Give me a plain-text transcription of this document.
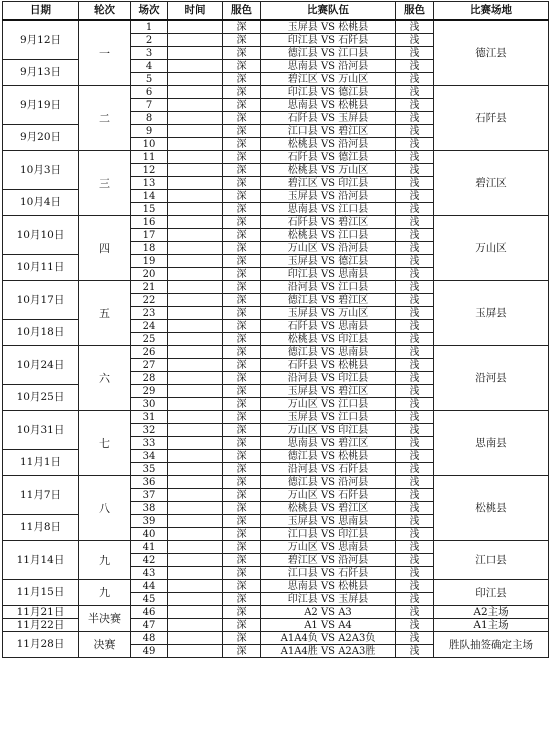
日期	轮次	场次	时间	服色	比赛队伍	服色	比赛场地
9月12日	一	1		深	玉屏县 VS 松桃县	浅	德江县
		2		深	印江县 VS 石阡县	浅	
		3		深	德江县 VS 江口县	浅	
9月13日		4		深	思南县 VS 沿河县	浅	
		5		深	碧江区 VS 万山区	浅	
9月19日	二	6		深	印江县 VS 德江县	浅	石阡县
		7		深	思南县 VS 松桃县	浅	
		8		深	石阡县 VS 玉屏县	浅	
9月20日		9		深	江口县 VS 碧江区	浅	
		10		深	松桃县 VS 沿河县	浅	
10月3日	三	11		深	石阡县 VS 德江县	浅	碧江区
		12		深	松桃县 VS 万山区	浅	
		13		深	碧江区 VS 印江县	浅	
10月4日		14		深	玉屏县 VS 沿河县	浅	
		15		深	思南县 VS 江口县	浅	
10月10日	四	16		深	石阡县 VS 碧江区	浅	万山区
		17		深	松桃县 VS 江口县	浅	
		18		深	万山区 VS 沿河县	浅	
10月11日		19		深	玉屏县 VS 德江县	浅	
		20		深	印江县 VS 思南县	浅	
10月17日	五	21		深	沿河县 VS 江口县	浅	玉屏县
		22		深	德江县 VS 碧江区	浅	
		23		深	玉屏县 VS 万山区	浅	
10月18日		24		深	石阡县 VS 思南县	浅	
		25		深	松桃县 VS 印江县	浅	
10月24日	六	26		深	德江县 VS 思南县	浅	沿河县
		27		深	石阡县 VS 松桃县	浅	
		28		深	沿河县 VS 印江县	浅	
10月25日		29		深	玉屏县 VS 碧江区	浅	
		30		深	万山区 VS 江口县	浅	
10月31日	七	31		深	玉屏县 VS 江口县	浅	思南县
		32		深	万山区 VS 印江县	浅	
		33		深	思南县 VS 碧江区	浅	
11月1日		34		深	德江县 VS 松桃县	浅	
		35		深	沿河县 VS 石阡县	浅	
11月7日	八	36		深	德江县 VS 沿河县	浅	松桃县
		37		深	万山区 VS 石阡县	浅	
		38		深	松桃县 VS 碧江区	浅	
11月8日		39		深	玉屏县 VS 思南县	浅	
		40		深	江口县 VS 印江县	浅	
11月14日	九	41		深	万山区 VS 思南县	浅	江口县
		42		深	碧江区 VS 沿河县	浅	
		43		深	江口县 VS 石阡县	浅	
11月15日	九	44		深	思南县 VS 松桃县	浅	印江县
		45		深	印江县 VS 玉屏县	浅	
11月21日	半决赛	46		深	A2 VS A3	浅	A2主场
11月22日		47		深	A1 VS A4	浅	A1主场
11月28日	决赛	48		深	A1A4负 VS A2A3负	浅	胜队抽签确定主场
		49		深	A1A4胜 VS A2A3胜	浅	
